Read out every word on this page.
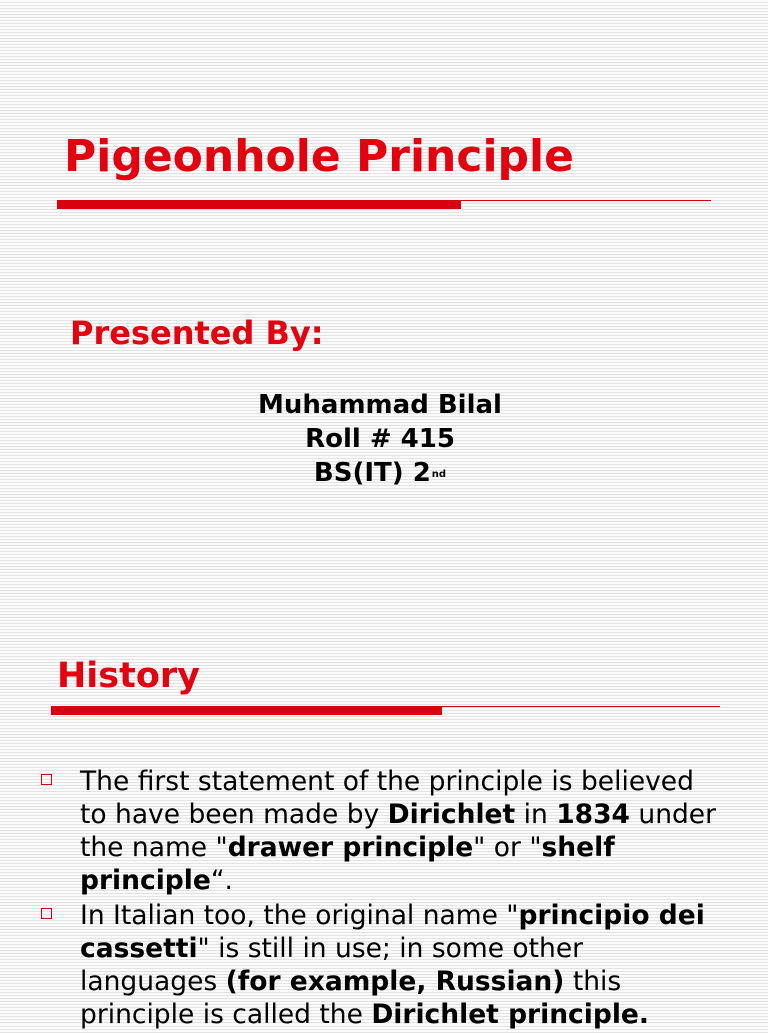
Pigeonhole Principle
Presented By:
Muhammad Bilal
Roll # 415
BS(IT) 2nd
History
The first statement of the principle is believed to have been made by Dirichlet in 1834 under the name "drawer principle" or "shelf principle“.
In Italian too, the original name "principio dei cassetti" is still in use; in some other languages (for example, Russian) this principle is called the Dirichlet principle.
